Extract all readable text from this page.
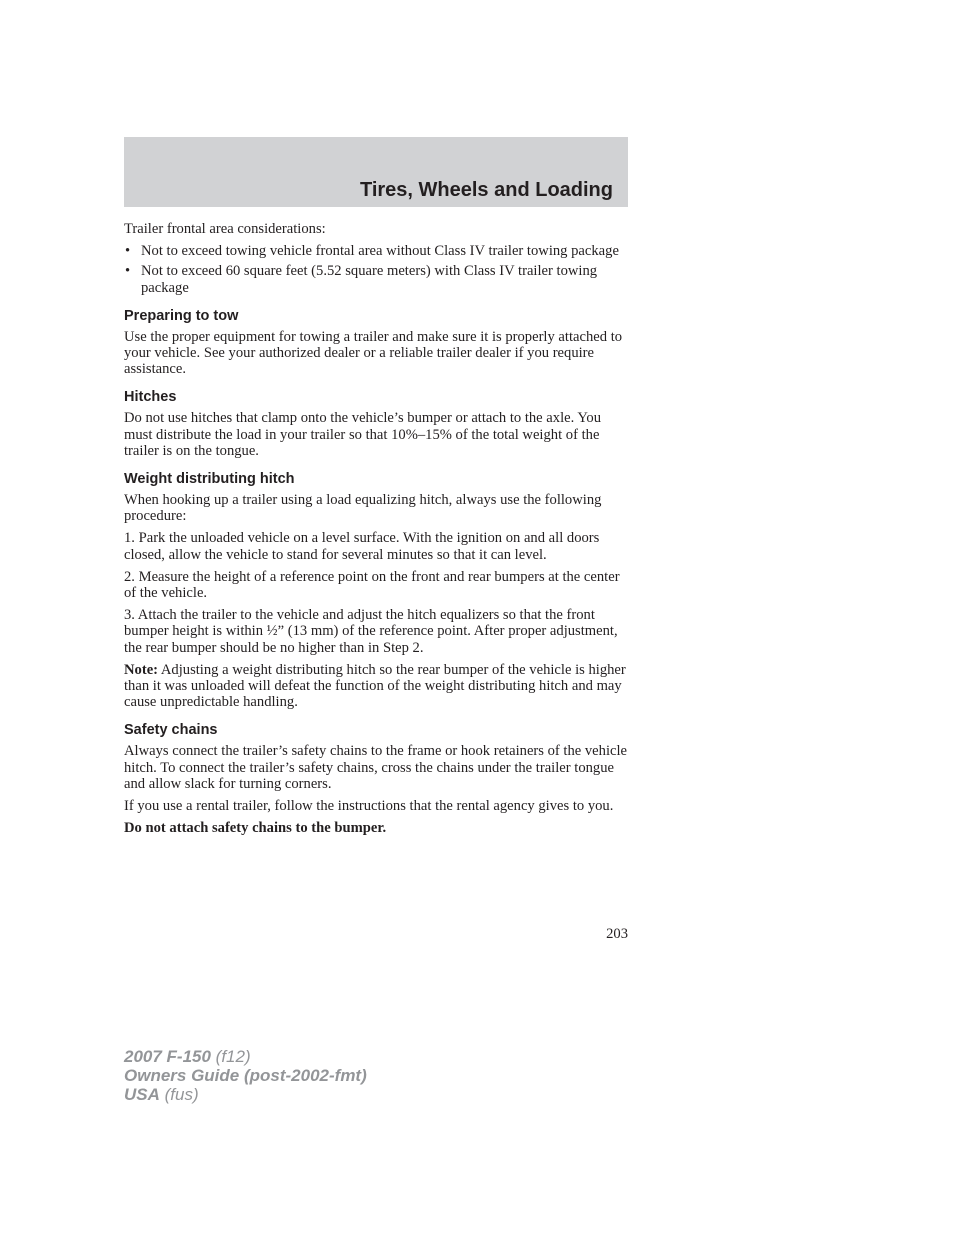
Tires, Wheels and Loading

Trailer frontal area considerations:

• Not to exceed towing vehicle frontal area without Class IV trailer towing package
• Not to exceed 60 square feet (5.52 square meters) with Class IV trailer towing package
Preparing to tow

Use the proper equipment for towing a trailer and make sure it is properly attached to your vehicle. See your authorized dealer or a reliable trailer dealer if you require assistance.

Hitches

Do not use hitches that clamp onto the vehicle’s bumper or attach to the axle. You must distribute the load in your trailer so that 10%–15% of the total weight of the trailer is on the tongue.

Weight distributing hitch

When hooking up a trailer using a load equalizing hitch, always use the following procedure:

1. Park the unloaded vehicle on a level surface. With the ignition on and all doors closed, allow the vehicle to stand for several minutes so that it can level.

2. Measure the height of a reference point on the front and rear bumpers at the center of the vehicle.

3. Attach the trailer to the vehicle and adjust the hitch equalizers so that the front bumper height is within ½” (13 mm) of the reference point. After proper adjustment, the rear bumper should be no higher than in Step 2.

Note: Adjusting a weight distributing hitch so the rear bumper of the vehicle is higher than it was unloaded will defeat the function of the weight distributing hitch and may cause unpredictable handling.

Safety chains

Always connect the trailer’s safety chains to the frame or hook retainers of the vehicle hitch. To connect the trailer’s safety chains, cross the chains under the trailer tongue and allow slack for turning corners.

If you use a rental trailer, follow the instructions that the rental agency gives to you.

Do not attach safety chains to the bumper.

203
2007 F-150 (f12)
Owners Guide (post-2002-fmt)
USA (fus)
